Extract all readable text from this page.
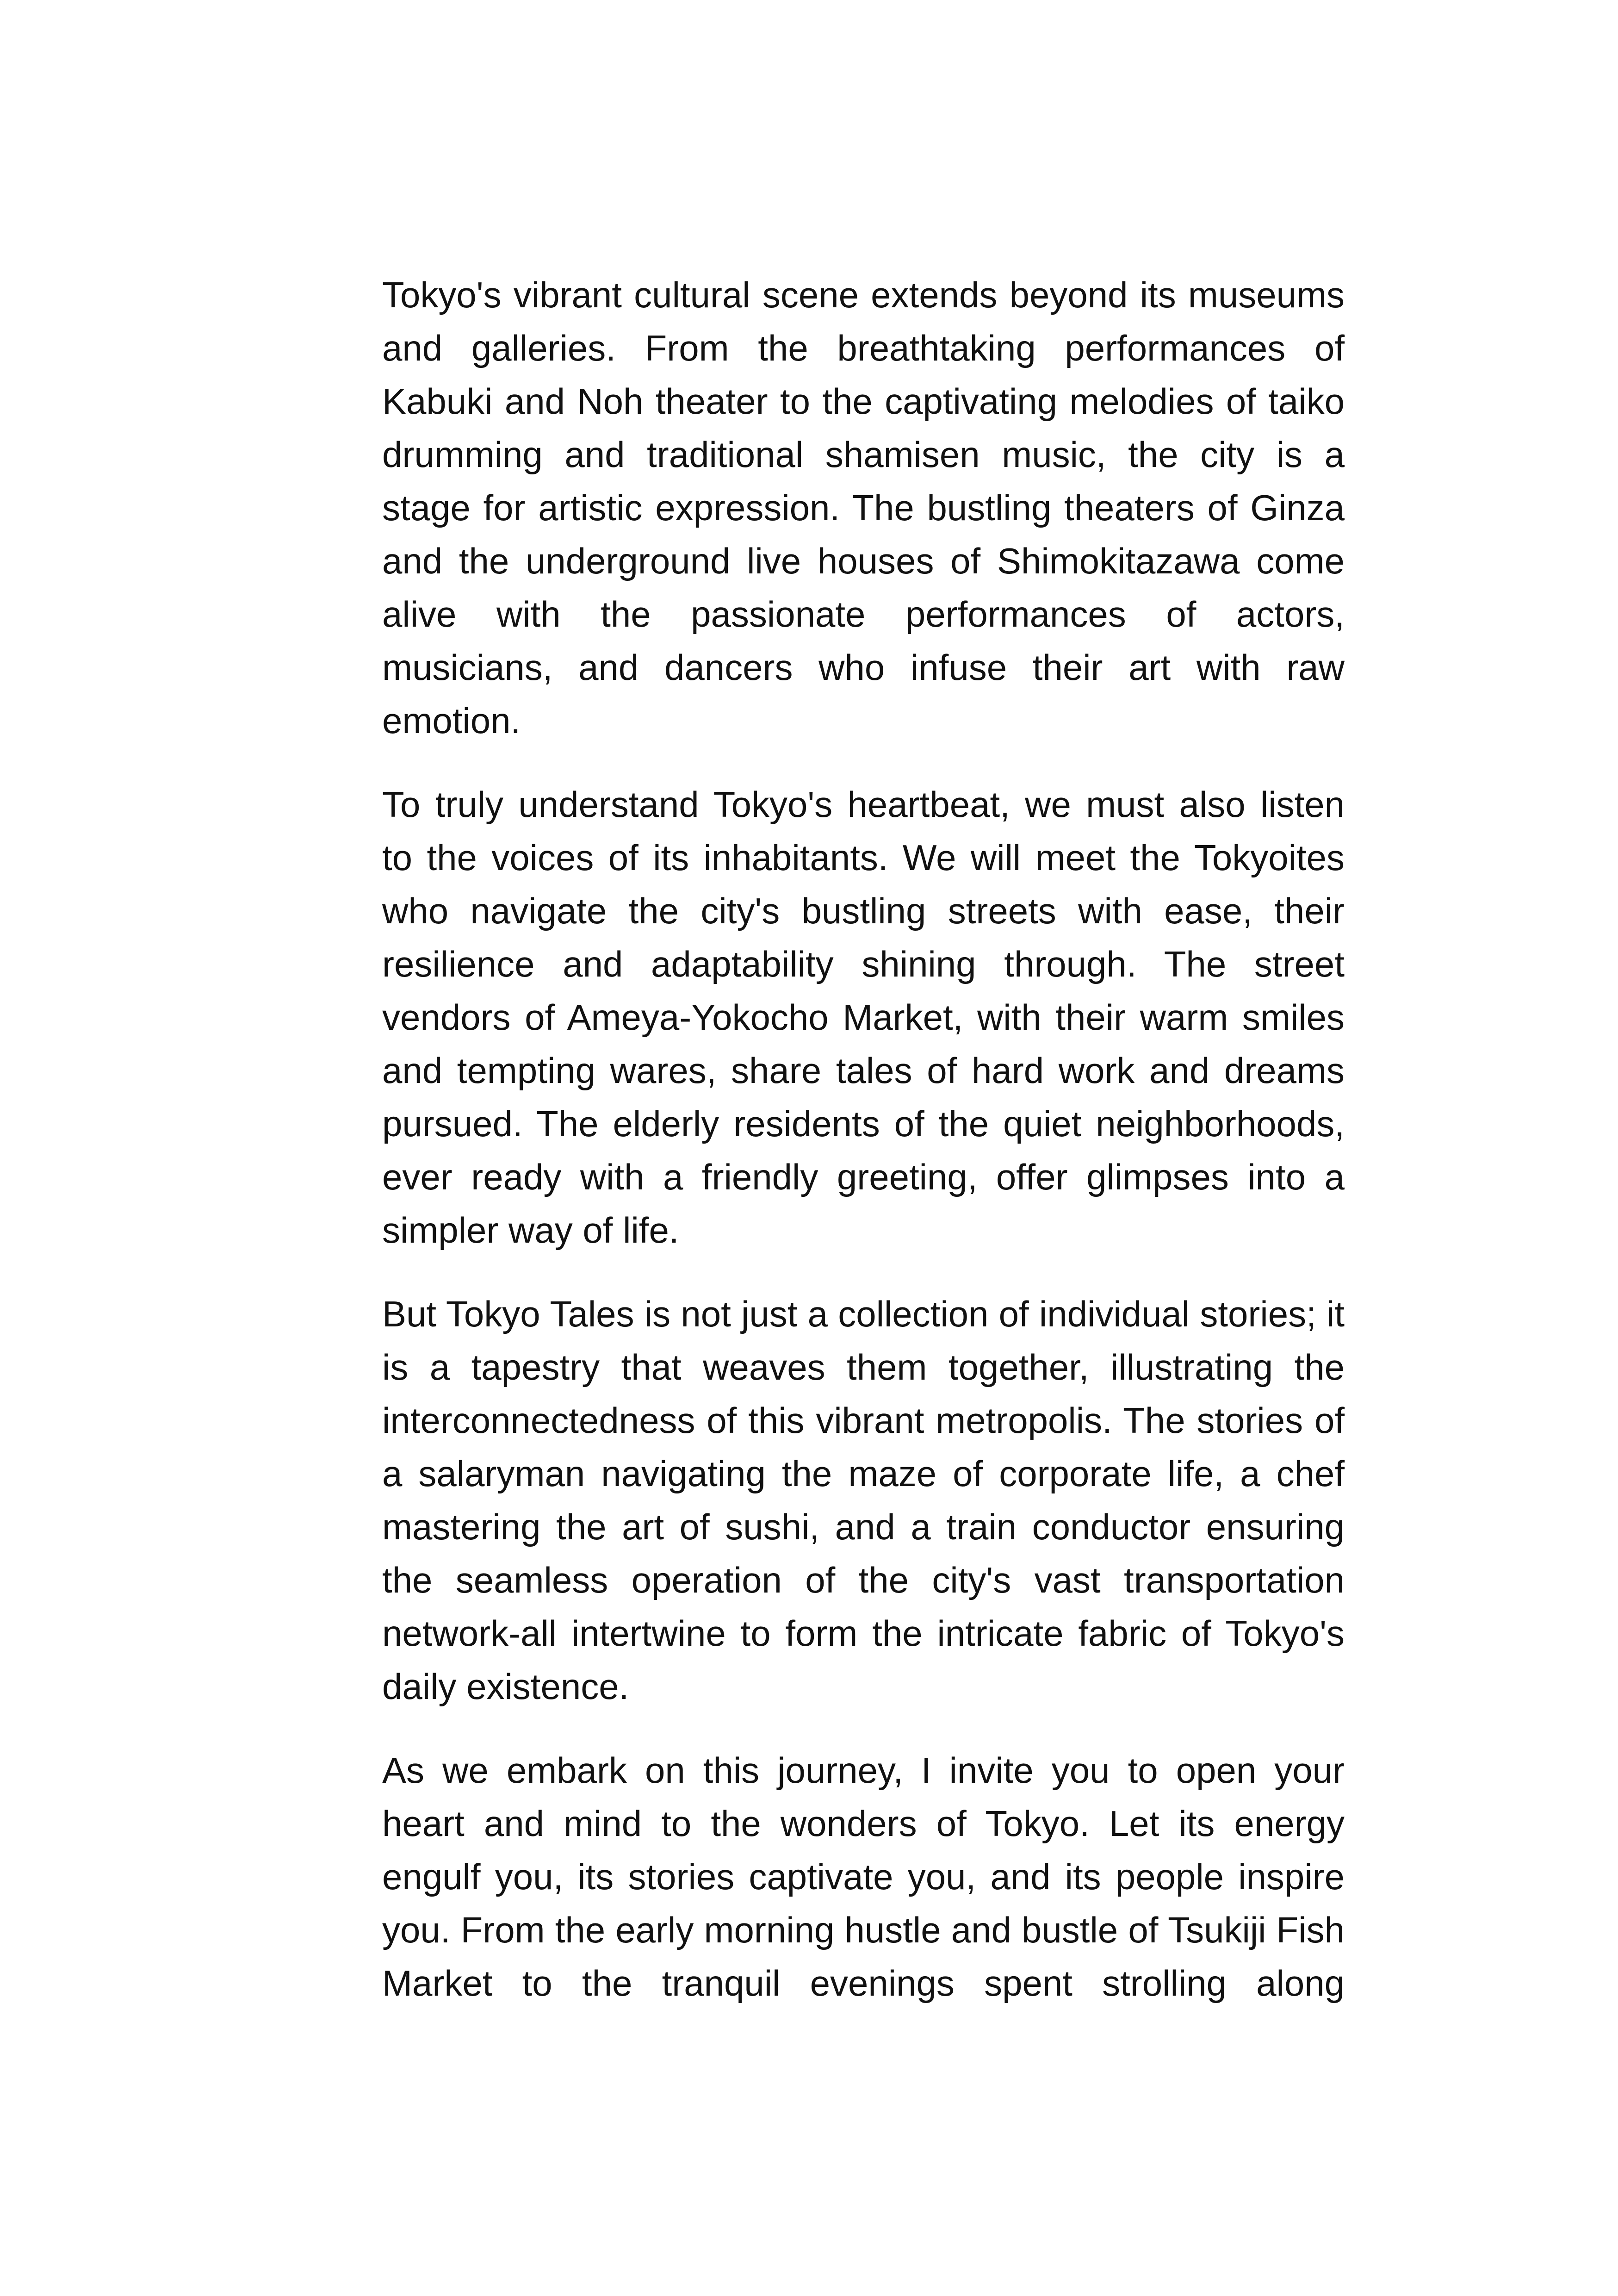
Tokyo's vibrant cultural scene extends beyond its museums and galleries. From the breathtaking performances of Kabuki and Noh theater to the captivating melodies of taiko drumming and traditional shamisen music, the city is a stage for artistic expression. The bustling theaters of Ginza and the underground live houses of Shimokitazawa come alive with the passionate performances of actors, musicians, and dancers who infuse their art with raw emotion.

To truly understand Tokyo's heartbeat, we must also listen to the voices of its inhabitants. We will meet the Tokyoites who navigate the city's bustling streets with ease, their resilience and adaptability shining through. The street vendors of Ameya-Yokocho Market, with their warm smiles and tempting wares, share tales of hard work and dreams pursued. The elderly residents of the quiet neighborhoods, ever ready with a friendly greeting, offer glimpses into a simpler way of life.

But Tokyo Tales is not just a collection of individual stories; it is a tapestry that weaves them together, illustrating the interconnectedness of this vibrant metropolis. The stories of a salaryman navigating the maze of corporate life, a chef mastering the art of sushi, and a train conductor ensuring the seamless operation of the city's vast transportation network-all intertwine to form the intricate fabric of Tokyo's daily existence.

As we embark on this journey, I invite you to open your heart and mind to the wonders of Tokyo. Let its energy engulf you, its stories captivate you, and its people inspire you. From the early morning hustle and bustle of Tsukiji Fish Market to the tranquil evenings spent strolling along
